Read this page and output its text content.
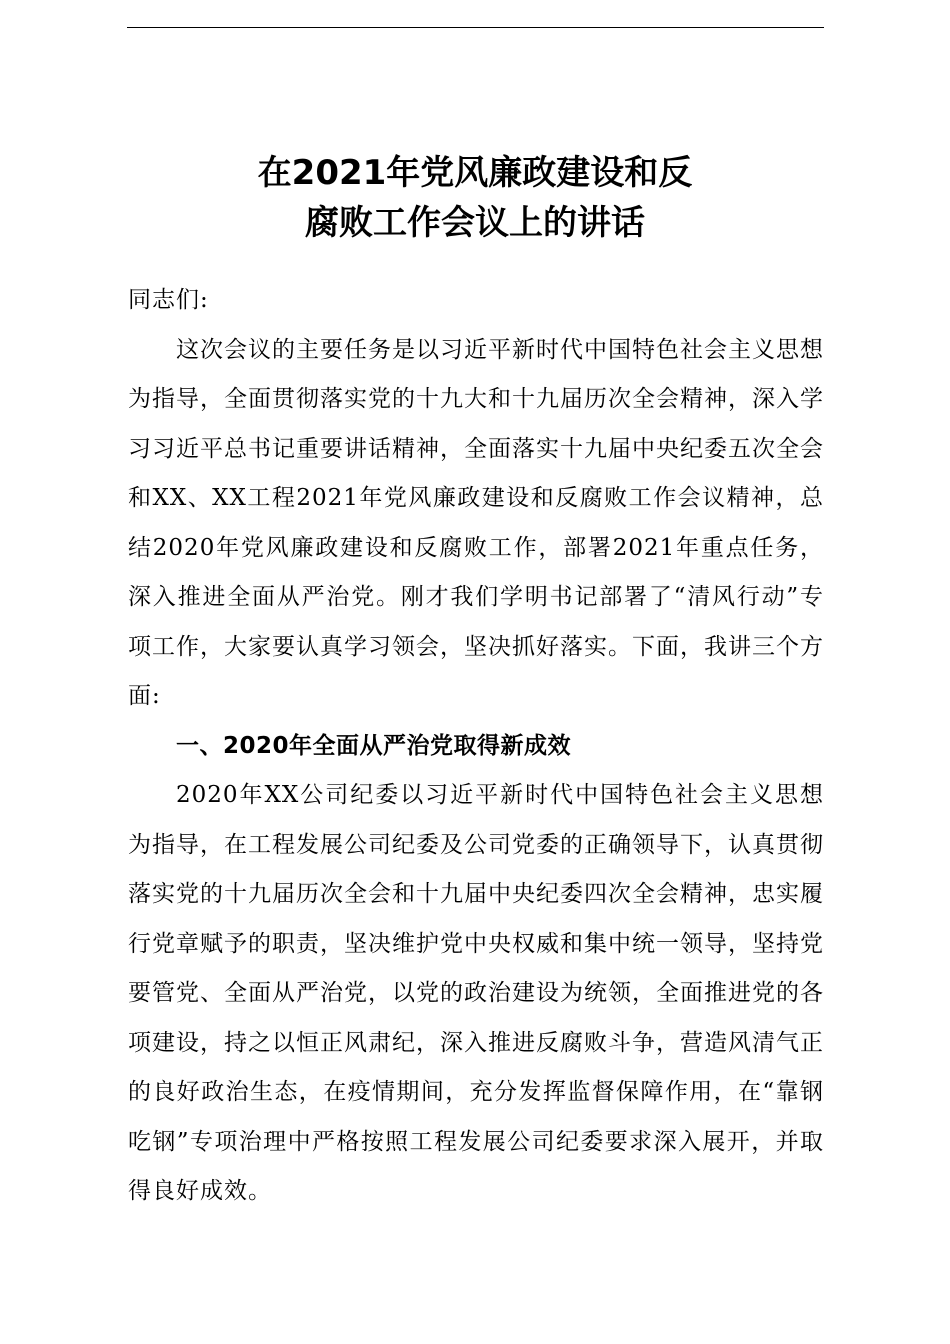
在2021年党风廉政建设和反
腐败工作会议上的讲话

同志们:

这次会议的主要任务是以习近平新时代中国特色社会主义思想为指导，全面贯彻落实党的十九大和十九届历次全会精神，深入学习习近平总书记重要讲话精神，全面落实十九届中央纪委五次全会和XX、XX工程2021年党风廉政建设和反腐败工作会议精神，总结2020年党风廉政建设和反腐败工作，部署2021年重点任务，深入推进全面从严治党。刚才我们学明书记部署了“清风行动”专项工作，大家要认真学习领会，坚决抓好落实。下面，我讲三个方面:

一、2020年全面从严治党取得新成效

2020年XX公司纪委以习近平新时代中国特色社会主义思想为指导，在工程发展公司纪委及公司党委的正确领导下，认真贯彻落实党的十九届历次全会和十九届中央纪委四次全会精神，忠实履行党章赋予的职责，坚决维护党中央权威和集中统一领导，坚持党要管党、全面从严治党，以党的政治建设为统领，全面推进党的各项建设，持之以恒正风肃纪，深入推进反腐败斗争，营造风清气正的良好政治生态，在疫情期间，充分发挥监督保障作用，在“靠钢吃钢”专项治理中严格按照工程发展公司纪委要求深入展开，并取得良好成效。
